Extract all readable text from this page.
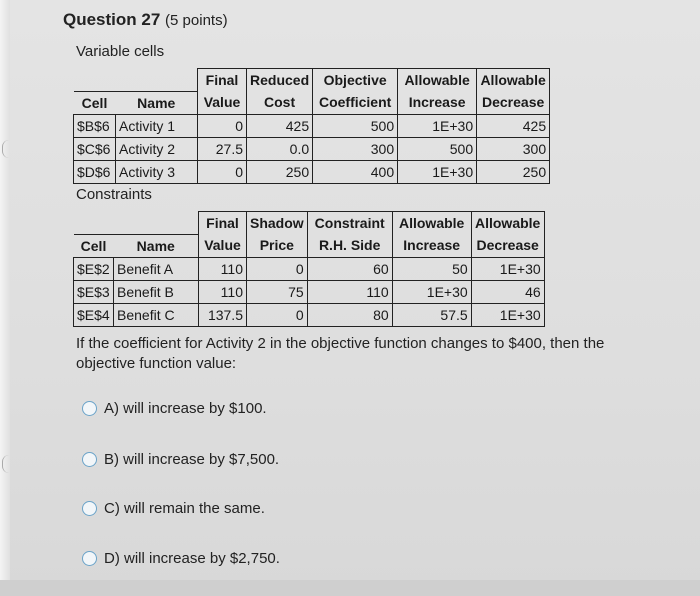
Question 27 (5 points)
Variable cells
		Final	Reduced	Objective	Allowable	Allowable
Cell	Name	Value	Cost	Coefficient	Increase	Decrease
$B$6	Activity 1	0	425	500	1E+30	425
$C$6	Activity 2	27.5	0.0	300	500	300
$D$6	Activity 3	0	250	400	1E+30	250
Constraints
		Final	Shadow	Constraint	Allowable	Allowable
Cell	Name	Value	Price	R.H. Side	Increase	Decrease
$E$2	Benefit A	110	0	60	50	1E+30
$E$3	Benefit B	110	75	110	1E+30	46
$E$4	Benefit C	137.5	0	80	57.5	1E+30
If the coefficient for Activity 2 in the objective function changes to $400, then the objective function value:
A)
will increase by $100.
B)
will increase by $7,500.
C)
will remain the same.
D)
will increase by $2,750.
